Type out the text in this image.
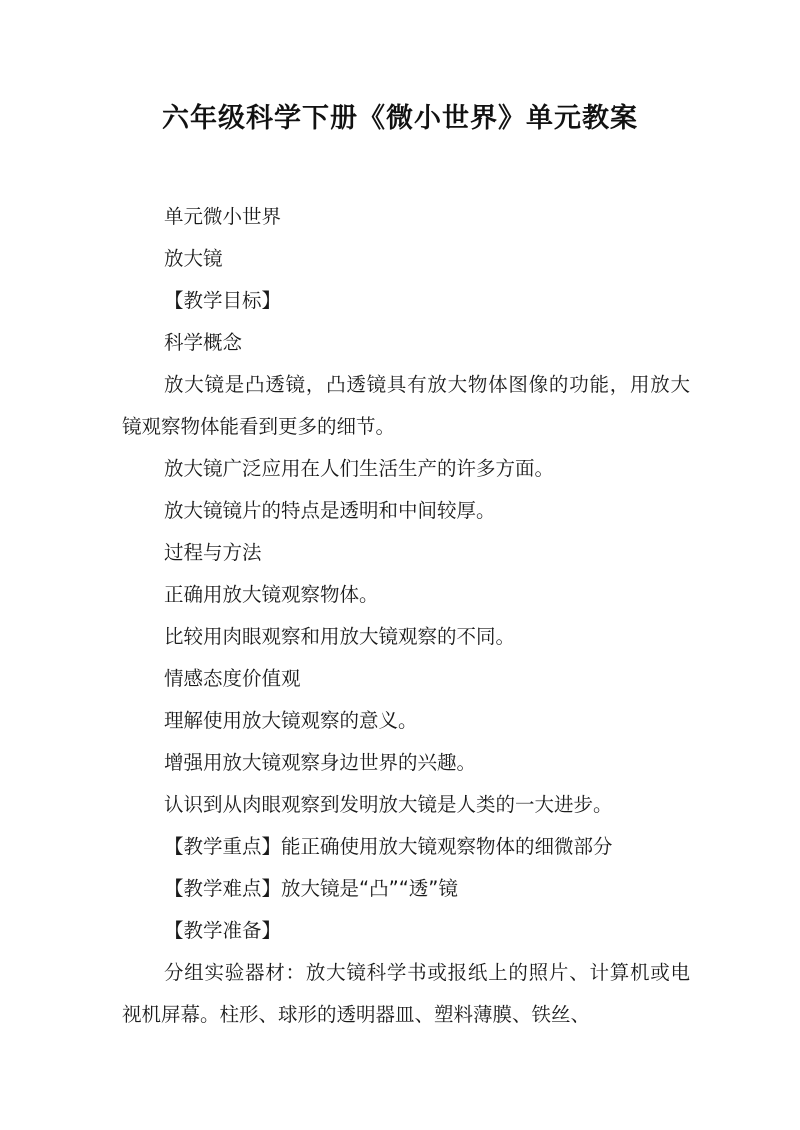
六年级科学下册《微小世界》单元教案
单元微小世界
放大镜
【教学目标】
科学概念
放大镜是凸透镜，凸透镜具有放大物体图像的功能，用放大镜观察物体能看到更多的细节。
放大镜广泛应用在人们生活生产的许多方面。
放大镜镜片的特点是透明和中间较厚。
过程与方法
正确用放大镜观察物体。
比较用肉眼观察和用放大镜观察的不同。
情感态度价值观
理解使用放大镜观察的意义。
增强用放大镜观察身边世界的兴趣。
认识到从肉眼观察到发明放大镜是人类的一大进步。
【教学重点】能正确使用放大镜观察物体的细微部分
【教学难点】放大镜是“凸”“透”镜
【教学准备】
分组实验器材：放大镜科学书或报纸上的照片、计算机或电视机屏幕。柱形、球形的透明器皿、塑料薄膜、铁丝、
